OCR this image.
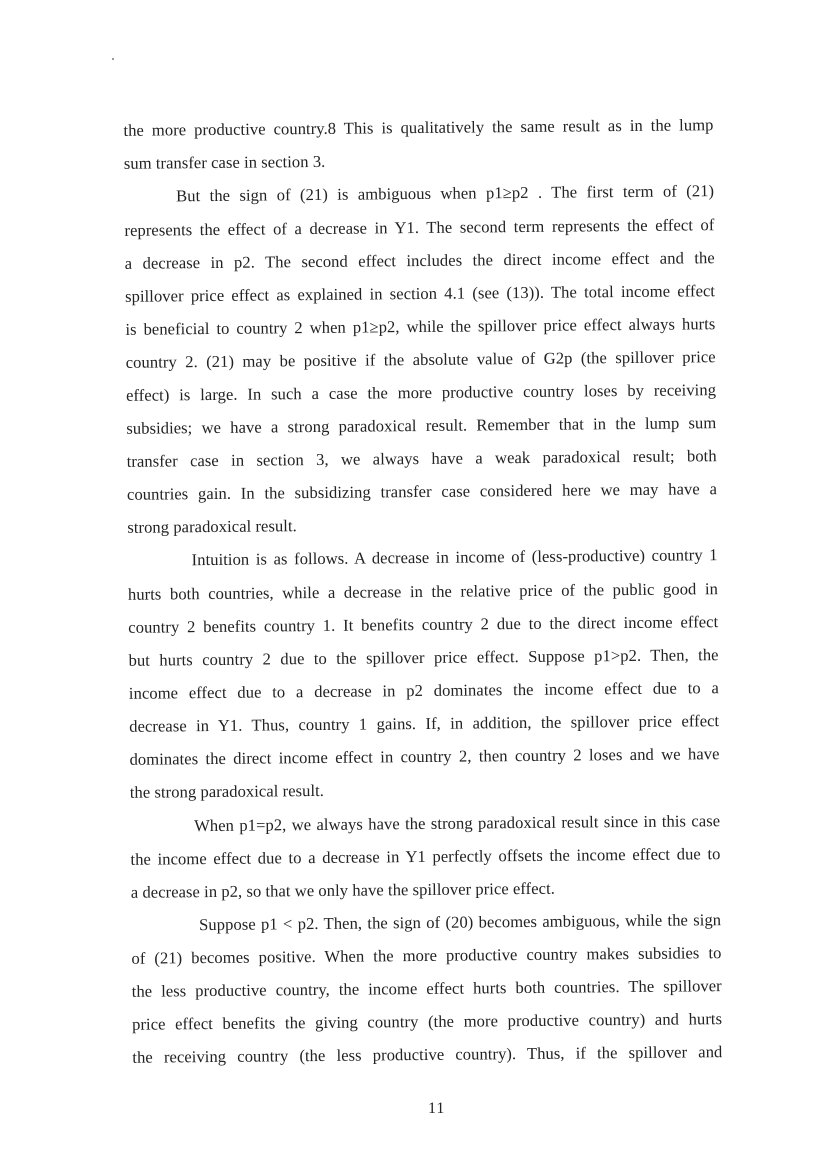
the more productive country.8 This is qualitatively the same result as in the lump
sum transfer case in section 3.
But the sign of (21) is ambiguous when p1≥p2 . The first term of (21)
represents the effect of a decrease in Y1. The second term represents the effect of
a decrease in p2. The second effect includes the direct income effect and the
spillover price effect as explained in section 4.1 (see (13)). The total income effect
is beneficial to country 2 when p1≥p2, while the spillover price effect always hurts
country 2. (21) may be positive if the absolute value of G2p (the spillover price
effect) is large. In such a case the more productive country loses by receiving
subsidies; we have a strong paradoxical result. Remember that in the lump sum
transfer case in section 3, we always have a weak paradoxical result; both
countries gain. In the subsidizing transfer case considered here we may have a
strong paradoxical result.
Intuition is as follows. A decrease in income of (less-productive) country 1
hurts both countries, while a decrease in the relative price of the public good in
country 2 benefits country 1. It benefits country 2 due to the direct income effect
but hurts country 2 due to the spillover price effect. Suppose p1>p2. Then, the
income effect due to a decrease in p2 dominates the income effect due to a
decrease in Y1. Thus, country 1 gains. If, in addition, the spillover price effect
dominates the direct income effect in country 2, then country 2 loses and we have
the strong paradoxical result.
When p1=p2, we always have the strong paradoxical result since in this case
the income effect due to a decrease in Y1 perfectly offsets the income effect due to
a decrease in p2, so that we only have the spillover price effect.
Suppose p1 < p2. Then, the sign of (20) becomes ambiguous, while the sign
of (21) becomes positive. When the more productive country makes subsidies to
the less productive country, the income effect hurts both countries. The spillover
price effect benefits the giving country (the more productive country) and hurts
the receiving country (the less productive country). Thus, if the spillover and
11
